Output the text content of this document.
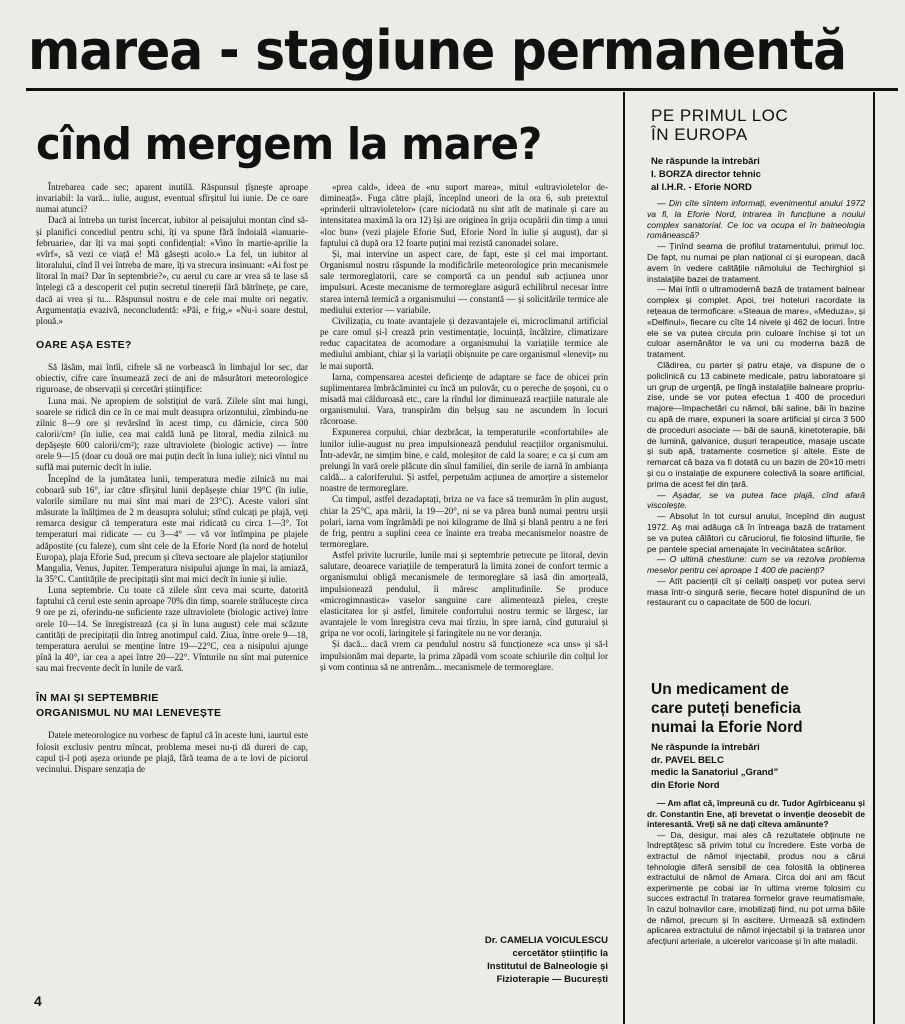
marea - stagiune permanentă
cînd mergem la mare?

Întrebarea cade sec; aparent inutilă. Răspunsul țîșnește aproape invariabil: la vară... iulie, august, eventual sfîrșitul lui iunie. De ce oare numai atunci?

Dacă ai întreba un turist încercat, iubitor al peisajului montan cînd să-și planifici concediul pentru schi, îți va spune fără îndoială «ianuarie-februarie», dar îți va mai șopti confidențial: «Vino în martie-aprilie la «vîrf», să vezi ce viață e! Mă găsești acolo.» La fel, un iubitor al litoralului, cînd îl vei întreba de mare, îți va strecura insinuant: «Ai fost pe litoral în mai? Dar în septembrie?», cu aerul cu care ar vrea să te lase să înțelegi că a descoperit cel puțin secretul tinereții fără bătrînețe, pe care, dacă ai vrea și tu... Răspunsul nostru e de cele mai multe ori negativ. Argumentația evazivă, neconcludentă: «Păi, e frig,» «Nu-i soare destul, plouă.»

OARE AȘA ESTE?

Să lăsăm, mai întîi, cifrele să ne vorbească în limbajul lor sec, dar obiectiv, cifre care însumează zeci de ani de măsurători meteorologice riguroase, de observații și cercetări științifice:

Luna mai. Ne apropiem de solstițiul de vară. Zilele sînt mai lungi, soarele se ridică din ce în ce mai mult deasupra orizontului, zîmbindu-ne zilnic 8—9 ore și revărsînd în acest timp, cu dărnicie, circa 500 calorii/cm² (în iulie, cea mai caldă lună pe litoral, media zilnică nu depășește 600 calorii/cm²); raze ultraviolete (biologic active) — între orele 9—15 (doar cu două ore mai puțin decît în luna iulie); nici vîntul nu suflă mai puternic decît în iulie.

Începînd de la jumătatea lunii, temperatura medie zilnică nu mai coboară sub 16°, iar către sfîrșitul lunii depășește chiar 19°C (în iulie, valorile similare nu mai sînt mai mari de 23°C). Aceste valori sînt măsurate la înălțimea de 2 m deasupra solului; stînd culcați pe plajă, veți remarca desigur că temperatura este mai ridicată cu circa 1—3°. Tot temperaturi mai ridicate — cu 3—4° — vă vor întîmpina pe plajele adăpostite (cu faleze), cum sînt cele de la Eforie Nord (la nord de hotelul Europa), plaja Eforie Sud, precum și cîteva sectoare ale plajelor stațiunilor Mangalia, Venus, Jupiter. Temperatura nisipului ajunge în mai, la amiază, la 35°C. Cantitățile de precipitații sînt mai mici decît în iunie și iulie.

Luna septembrie. Cu toate că zilele sînt ceva mai scurte, datorită faptului că cerul este senin aproape 70% din timp, soarele strălucește circa 9 ore pe zi, oferindu-ne suficiente raze ultraviolete (biologic active) între orele 10—14. Se înregistrează (ca și în luna august) cele mai scăzute cantități de precipitații din întreg anotimpul cald. Ziua, între orele 9—18, temperatura aerului se menține între 19—22°C, cea a nisipului ajunge pînă la 40°, iar cea a apei între 20—22°. Vînturile nu sînt mai puternice sau mai frecvente decît în lunile de vară.

ÎN MAI ȘI SEPTEMBRIE
ORGANISMUL NU MAI LENEVEȘTE

Datele meteorologice nu vorbesc de faptul că în aceste luni, iaurtul este folosit exclusiv pentru mîncat, problema mesei nu-ți dă dureri de cap, capul ți-l poți așeza oriunde pe plajă, fără teama de a te lovi de piciorul vecinului. Dispare senzația de

«prea cald», ideea de «nu suport marea», mitul «ultravioletelor de-dimineață». Fuga către plajă, începînd uneori de la ora 6, sub pretextul «prinderii ultravioletelor» (care niciodată nu sînt atît de matinale și care au intensitatea maximă la ora 12) își are originea în grija ocupării din timp a unui «loc bun» (vezi plajele Eforie Sud, Eforie Nord în iulie și august), dar și faptului că după ora 12 foarte puțini mai rezistă canonadei solare.

Și, mai intervine un aspect care, de fapt, este și cel mai important. Organismul nostru răspunde la modificările meteorologice prin mecanismele sale termoreglatorii, care se comportă ca un pendul sub acțiunea unor impulsuri. Aceste mecanisme de termoreglare asigură echilibrul necesar între starea internă termică a organismului — constantă — și solicitările termice ale mediului exterior — variabile.

Civilizația, cu toate avantajele și dezavantajele ei, microclimatul artificial pe care omul și-l crează prin vestimentație, locuință, încălzire, climatizare reduc capacitatea de acomodare a organismului la variațiile termice ale mediului ambiant, chiar și la variații obișnuite pe care organismul «leneviț» nu le mai suportă.

Iarna, compensarea acestei deficiențe de adaptare se face de obicei prin suplimentarea îmbrăcămintei cu încă un pulovăr, cu o pereche de șoșoni, cu o misadă mai călduroasă etc., care la rîndul lor diminuează reacțiile naturale ale organismului. Vara, transpirăm din belșug sau ne ascundem în locuri răcoroase.

Expunerea corpului, chiar dezbrăcat, la temperaturile «confortabile» ale lunilor iulie-august nu prea impulsionează pendulul reacțiilor organismului. Într-adevăr, ne simțim bine, e cald, moleșitor de cald la soare; e ca și cum am prelungi în vară orele plăcute din sînul familiei, din serile de iarnă în ambianța caldă... a caloriferului. Și astfel, perpetuăm acțiunea de amorțire a sistemelor noastre de termoreglare.

Cu timpul, astfel dezadaptați, briza ne va face să tremurăm în plin august, chiar la 25°C, apa mării, la 19—20°, ni se va părea bună numai pentru urșii polari, iarna vom îngrămădi pe noi kilograme de lînă și blană pentru a ne feri de frig, pentru a suplini ceea ce înainte era treaba mecanismelor noastre de termoreglare.

Astfel privite lucrurile, lunile mai și septembrie petrecute pe litoral, devin salutare, deoarece variațiile de temperatură la limita zonei de confort termic a organismului obligă mecanismele de termoreglare să iasă din amorțeală, impulsionează pendulul, îi măresc amplitudinile. Se produce «microgimnastica» vaselor sanguine care alimentează pielea, crește elasticitatea lor și astfel, limitele confortului nostru termic se lărgesc, iar avantajele le vom înregistra ceva mai tîrziu, în spre iarnă, cînd guturaiul și gripa ne vor ocoli, laringitele și faringitele nu ne vor deranja.

Și dacă... dacă vrem ca pendulul nostru să funcționeze «ca uns» și să-l impulsionăm mai departe, la prima zăpadă vom scoate schiurile din colțul lor și vom continua să ne antrenăm... mecanismele de termoreglare.

Dr. CAMELIA VOICULESCU
cercetător științific la
Institutul de Balneologie și
Fizioterapie — București
4
PE PRIMUL LOC
ÎN EUROPA
Ne răspunde la întrebări
I. BORZA director tehnic
al I.H.R. - Eforie NORD

— Din cîte sîntem informați, evenimentul anului 1972 va fi, la Eforie Nord, intrarea în funcțiune a noului complex sanatorial. Ce loc va ocupa el în balneologia românească?

— Ținînd seama de profilul tratamentului, primul loc. De fapt, nu numai pe plan național ci și european, dacă avem în vedere calitățile nămolului de Techirghiol și instalațiile bazei de tratament.

— Mai întîi o ultramodernă bază de tratament balnear complex și complet. Apoi, trei hoteluri racordate la rețeaua de termoficare: «Steaua de mare», «Meduza», și «Delfinul», fiecare cu cîte 14 nivele și 462 de locuri. Între ele se va putea circula prin culoare închise și tot un culoar asemănător le va uni cu moderna bază de tratament.

Clădirea, cu parter și patru etaje, va dispune de o policlinică cu 13 cabinete medicale, patru laboratoare și un grup de urgență, pe lîngă instalațiile balneare propriu-zise, unde se vor putea efectua 1 400 de proceduri majore—împachetări cu nămol, băi saline, băi în bazine cu apă de mare, expuneri la soare artificial și circa 3 500 de proceduri asociate — băi de saună, kinetoterapie, băi de lumină, galvanice, dușuri terapeutice, masaje uscate și sub apă, tratamente cosmetice și altele. Este de remarcat că baza va fi dotată cu un bazin de 20×10 metri și cu o instalație de expunere colectivă la soare artificial, prima de acest fel din țară.

— Așadar, se va putea face plajă, cînd afară viscolește.

— Absolut în tot cursul anului, începînd din august 1972. Aș mai adăuga că în întreaga bază de tratament se va putea călători cu căruciorul, fie folosind lifturile, fie pe pantele special amenajate în vecinătatea scărilor.

— O ultimă chestiune: cum se va rezolva problema meselor pentru cei aproape 1 400 de pacienți?

— Atît pacienții cît și ceilalți oaspeți vor putea servi masa într-o singură serie, fiecare hotel dispunînd de un restaurant cu o capacitate de 500 de locuri.

Un medicament de
care puteți beneficia
numai la Eforie Nord
Ne răspunde la întrebări
dr. PAVEL BELC
medic la Sanatoriul „Grand”
din Eforie Nord

— Am aflat că, împreună cu dr. Tudor Agîrbiceanu și dr. Constantin Ene, ați brevetat o invenție deosebit de interesantă. Vreți să ne dați cîteva amănunte?

— Da, desigur, mai ales că rezultatele obținute ne îndreptățesc să privim totul cu încredere. Este vorba de extractul de nămol injectabil, produs nou a cărui tehnologie diferă sensibil de cea folosită la obținerea extractului de nămol de Amara. Circa doi ani am făcut experimente pe cobai iar în ultima vreme folosim cu succes extractul în tratarea formelor grave reumatismale, în cazul bolnavilor care, imobilizați fiind, nu pot urma băile de nămol, precum și în ascitere. Urmează să extindem aplicarea extractului de nămol injectabil și la tratarea unor afecțiuni arteriale, a ulcerelor varicoase și în alte maladii.
